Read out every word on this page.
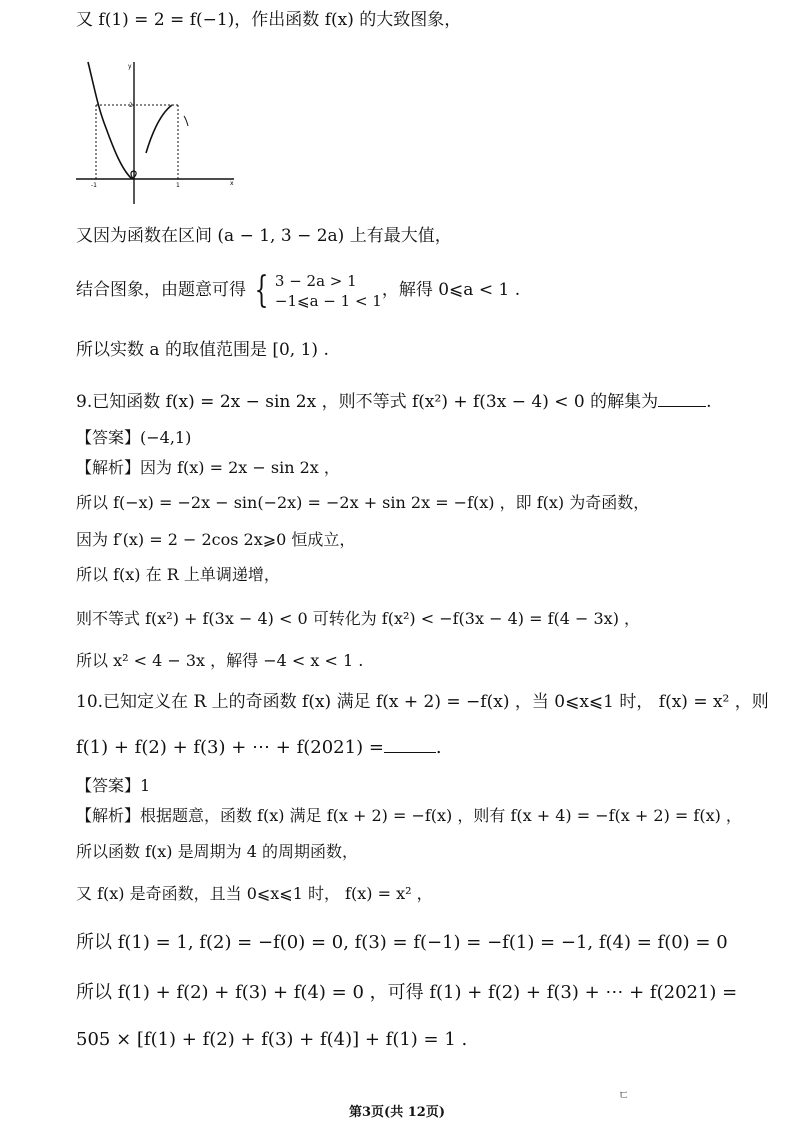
又 f(1) = 2 = f(−1)，作出函数 f(x) 的大致图象，
y
x
2
-1	1
又因为函数在区间 (a − 1, 3 − 2a) 上有最大值，
结合图象，由题意可得 { 3 − 2a > 1
−1⩽a − 1 < 1
，解得 0⩽a < 1 .
所以实数 a 的取值范围是 [0, 1) .
9.已知函数 f(x) = 2x − sin 2x ，则不等式 f(x²) + f(3x − 4) < 0 的解集为	.
【答案】(−4,1)
【解析】因为 f(x) = 2x − sin 2x ，
所以 f(−x) = −2x − sin(−2x) = −2x + sin 2x = −f(x) ，即 f(x) 为奇函数，
因为 f′(x) = 2 − 2cos 2x⩾0 恒成立，
所以 f(x) 在 R 上单调递增，
则不等式 f(x²) + f(3x − 4) < 0 可转化为 f(x²) < −f(3x − 4) = f(4 − 3x) ，
所以 x² < 4 − 3x ，解得 −4 < x < 1 .
10.已知定义在 R 上的奇函数 f(x) 满足 f(x + 2) = −f(x) ，当 0⩽x⩽1 时， f(x) = x² ，则
f(1) + f(2) + f(3) + ⋯ + f(2021) =	.
【答案】1
【解析】根据题意，函数 f(x) 满足 f(x + 2) = −f(x) ，则有 f(x + 4) = −f(x + 2) = f(x) ，
所以函数 f(x) 是周期为 4 的周期函数，
又 f(x) 是奇函数，且当 0⩽x⩽1 时， f(x) = x² ，
所以 f(1) = 1, f(2) = −f(0) = 0, f(3) = f(−1) = −f(1) = −1, f(4) = f(0) = 0
所以 f(1) + f(2) + f(3) + f(4) = 0 ，可得 f(1) + f(2) + f(3) + ⋯ + f(2021) =
505 × [f(1) + f(2) + f(3) + f(4)] + f(1) = 1 .
ㄷ
第3页(共 12页)
